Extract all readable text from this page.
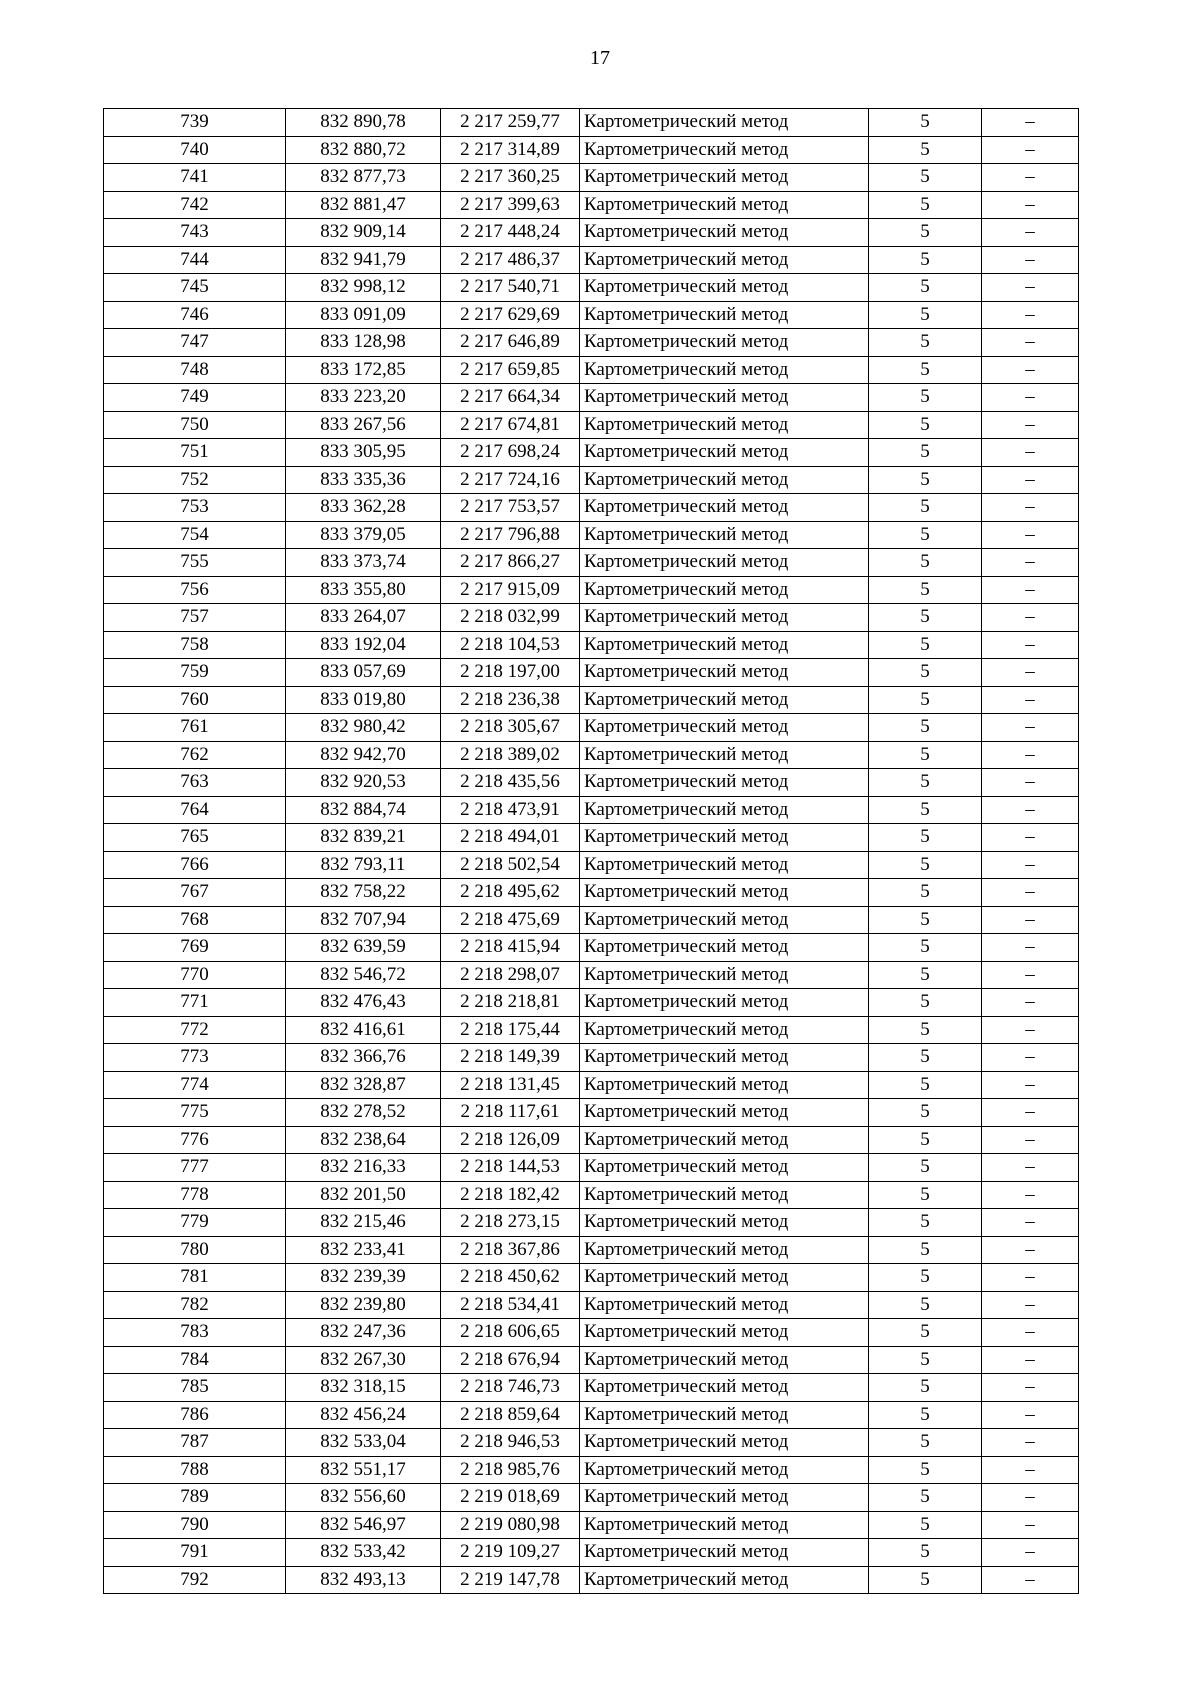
17
739	832 890,78	2 217 259,77	Картометрический метод	5	–
740	832 880,72	2 217 314,89	Картометрический метод	5	–
741	832 877,73	2 217 360,25	Картометрический метод	5	–
742	832 881,47	2 217 399,63	Картометрический метод	5	–
743	832 909,14	2 217 448,24	Картометрический метод	5	–
744	832 941,79	2 217 486,37	Картометрический метод	5	–
745	832 998,12	2 217 540,71	Картометрический метод	5	–
746	833 091,09	2 217 629,69	Картометрический метод	5	–
747	833 128,98	2 217 646,89	Картометрический метод	5	–
748	833 172,85	2 217 659,85	Картометрический метод	5	–
749	833 223,20	2 217 664,34	Картометрический метод	5	–
750	833 267,56	2 217 674,81	Картометрический метод	5	–
751	833 305,95	2 217 698,24	Картометрический метод	5	–
752	833 335,36	2 217 724,16	Картометрический метод	5	–
753	833 362,28	2 217 753,57	Картометрический метод	5	–
754	833 379,05	2 217 796,88	Картометрический метод	5	–
755	833 373,74	2 217 866,27	Картометрический метод	5	–
756	833 355,80	2 217 915,09	Картометрический метод	5	–
757	833 264,07	2 218 032,99	Картометрический метод	5	–
758	833 192,04	2 218 104,53	Картометрический метод	5	–
759	833 057,69	2 218 197,00	Картометрический метод	5	–
760	833 019,80	2 218 236,38	Картометрический метод	5	–
761	832 980,42	2 218 305,67	Картометрический метод	5	–
762	832 942,70	2 218 389,02	Картометрический метод	5	–
763	832 920,53	2 218 435,56	Картометрический метод	5	–
764	832 884,74	2 218 473,91	Картометрический метод	5	–
765	832 839,21	2 218 494,01	Картометрический метод	5	–
766	832 793,11	2 218 502,54	Картометрический метод	5	–
767	832 758,22	2 218 495,62	Картометрический метод	5	–
768	832 707,94	2 218 475,69	Картометрический метод	5	–
769	832 639,59	2 218 415,94	Картометрический метод	5	–
770	832 546,72	2 218 298,07	Картометрический метод	5	–
771	832 476,43	2 218 218,81	Картометрический метод	5	–
772	832 416,61	2 218 175,44	Картометрический метод	5	–
773	832 366,76	2 218 149,39	Картометрический метод	5	–
774	832 328,87	2 218 131,45	Картометрический метод	5	–
775	832 278,52	2 218 117,61	Картометрический метод	5	–
776	832 238,64	2 218 126,09	Картометрический метод	5	–
777	832 216,33	2 218 144,53	Картометрический метод	5	–
778	832 201,50	2 218 182,42	Картометрический метод	5	–
779	832 215,46	2 218 273,15	Картометрический метод	5	–
780	832 233,41	2 218 367,86	Картометрический метод	5	–
781	832 239,39	2 218 450,62	Картометрический метод	5	–
782	832 239,80	2 218 534,41	Картометрический метод	5	–
783	832 247,36	2 218 606,65	Картометрический метод	5	–
784	832 267,30	2 218 676,94	Картометрический метод	5	–
785	832 318,15	2 218 746,73	Картометрический метод	5	–
786	832 456,24	2 218 859,64	Картометрический метод	5	–
787	832 533,04	2 218 946,53	Картометрический метод	5	–
788	832 551,17	2 218 985,76	Картометрический метод	5	–
789	832 556,60	2 219 018,69	Картометрический метод	5	–
790	832 546,97	2 219 080,98	Картометрический метод	5	–
791	832 533,42	2 219 109,27	Картометрический метод	5	–
792	832 493,13	2 219 147,78	Картометрический метод	5	–
